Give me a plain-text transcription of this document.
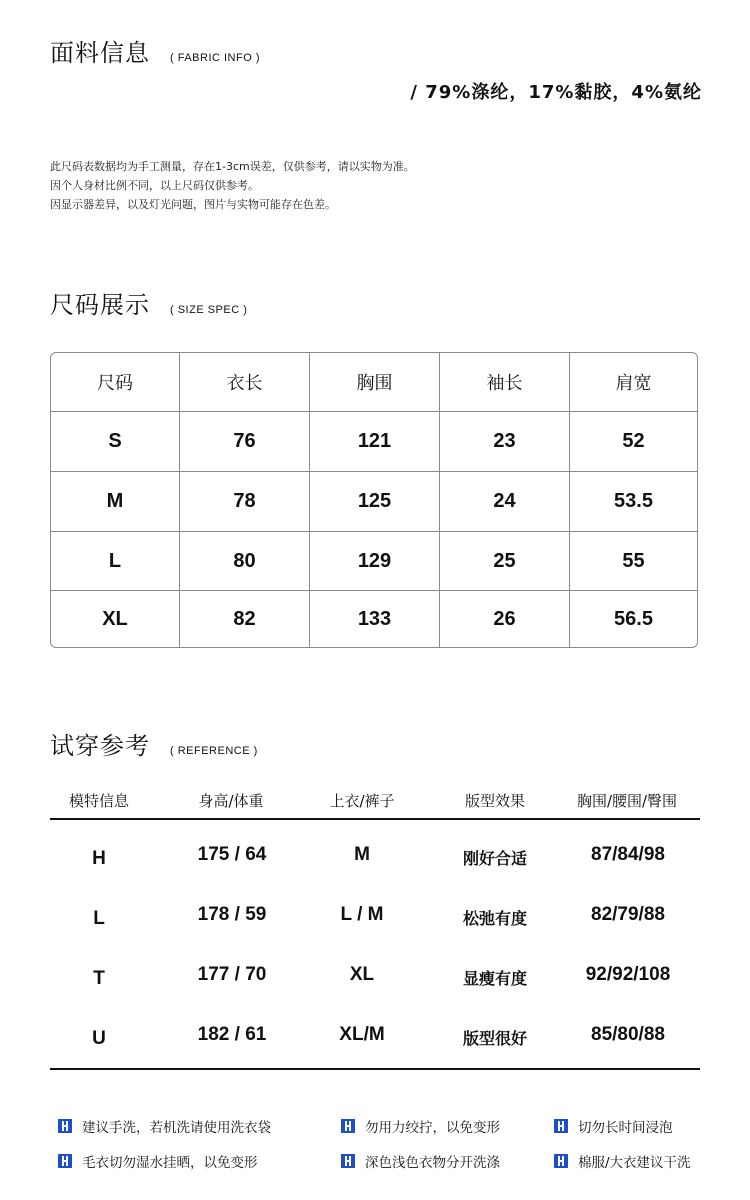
面料信息 ( FABRIC INFO )
/ 79%涤纶，17%黏胶，4%氨纶
此尺码表数据均为手工测量，存在1-3cm误差，仅供参考，请以实物为准。
因个人身材比例不同，以上尺码仅供参考。
因显示器差异，以及灯光问题，图片与实物可能存在色差。
尺码展示 ( SIZE SPEC )
尺码	衣长	胸围	袖长	肩宽
S	76	121	23	52
M	78	125	24	53.5
L	80	129	25	55
XL	82	133	26	56.5
试穿参考 ( REFERENCE )
模特信息	身高/体重	上衣/裤子	版型效果	胸围/腰围/臀围
H	175 / 64	M	刚好合适	87/84/98
L	178 / 59	L / M	松弛有度	82/79/88
T	177 / 70	XL	显瘦有度	92/92/108
U	182 / 61	XL/M	版型很好	85/80/88
建议手洗，若机洗请使用洗衣袋	勿用力绞拧，以免变形	切勿长时间浸泡
毛衣切勿湿水挂晒，以免变形	深色浅色衣物分开洗涤	棉服/大衣建议干洗
